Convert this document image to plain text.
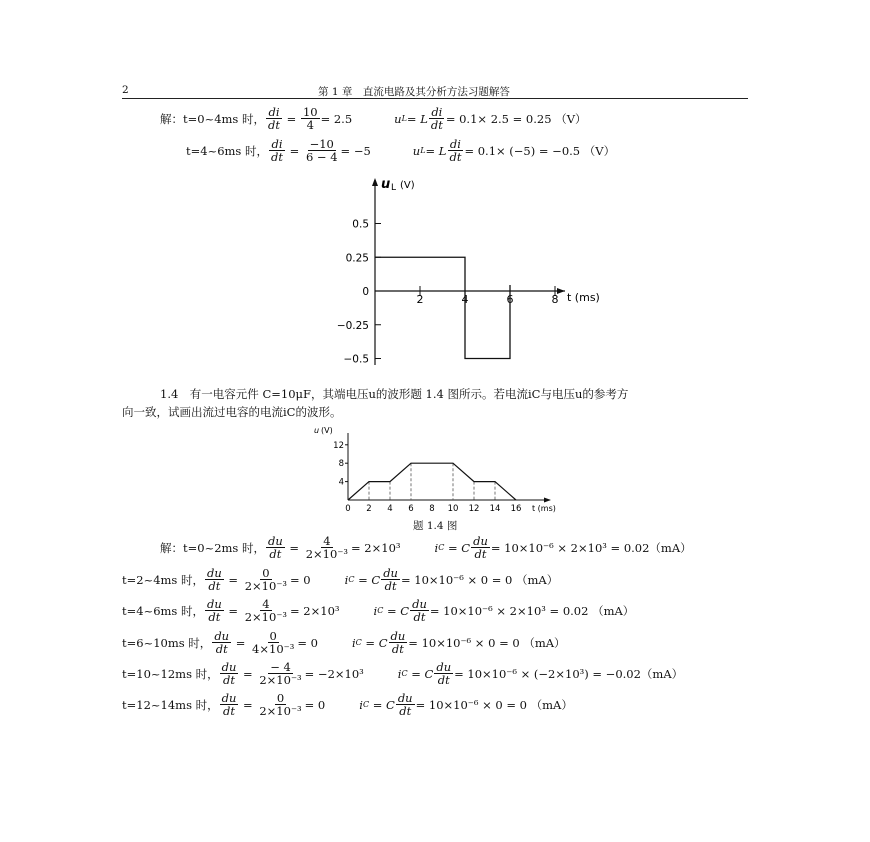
2	第 1 章　直流电路及其分析方法习题解答
解：t=0~4ms 时， $\frac{di}{dt} = \frac{10}{4} = 2.5$	u L = L $\frac{di}{dt} = 0.1\times 2.5 = 0.25$ （V）
t=4~6ms 时， $\frac{di}{dt} = \frac{-10}{6 - 4} = -5$	u L = L $\frac{di}{dt} = 0.1\times (-5) = -0.5$ （V）
u L (V)
t (ms)
0.5
0.25
0
−0.25
−0.5
2	4	6	8
1.4　有一电容元件 C=10μF，其端电压u的波形题 1.4 图所示。若电流iC与电压u的参考方
向一致，试画出流过电容的电流iC的波形。
u (V)
t (ms)
12
8
4
0 2 4 6 8 10 12 14 16
题 1.4 图
解：t=0~2ms 时， $\frac{du}{dt} = \frac{4}{\text{2×10⁻³}} = 2\times 10^3$	i C = C $\frac{du}{dt} = 10\times 10^{-6} \times 2\times 10^3 = 0.02(mA)$
t=2~4ms 时， $\frac{du}{dt} = \frac{0}{\text{2×10⁻³}} = 0$	i C = C $\frac{du}{dt} = 10\times 10^{-6} \times 0 = 0$ （mA）
t=4~6ms 时， $\frac{du}{dt} = \frac{4}{\text{2×10⁻³}} = 2\times 10^3$	i C = C $\frac{du}{dt} = 10\times 10^{-6} \times 2\times 10^3 = 0.02$ （mA）
t=6~10ms 时， $\frac{du}{dt} = \frac{0}{\text{4×10⁻³}} = 0$	i C = C $\frac{du}{dt} = 10\times 10^{-6} \times 0 = 0$ （mA）
t=10~12ms 时， $\frac{du}{dt} = \frac{- 4}{\text{2×10⁻³}} = -2\times 10^3$	i C = C $\frac{du}{dt} = 10\times 10^{-6} \times (-2\times 10^3) = -0.02(mA)$
t=12~14ms 时， $\frac{du}{dt} = \frac{0}{\text{2×10⁻³}} = 0$	i C = C $\frac{du}{dt} = 10\times 10^{-6} \times 0 = 0$ （mA）
